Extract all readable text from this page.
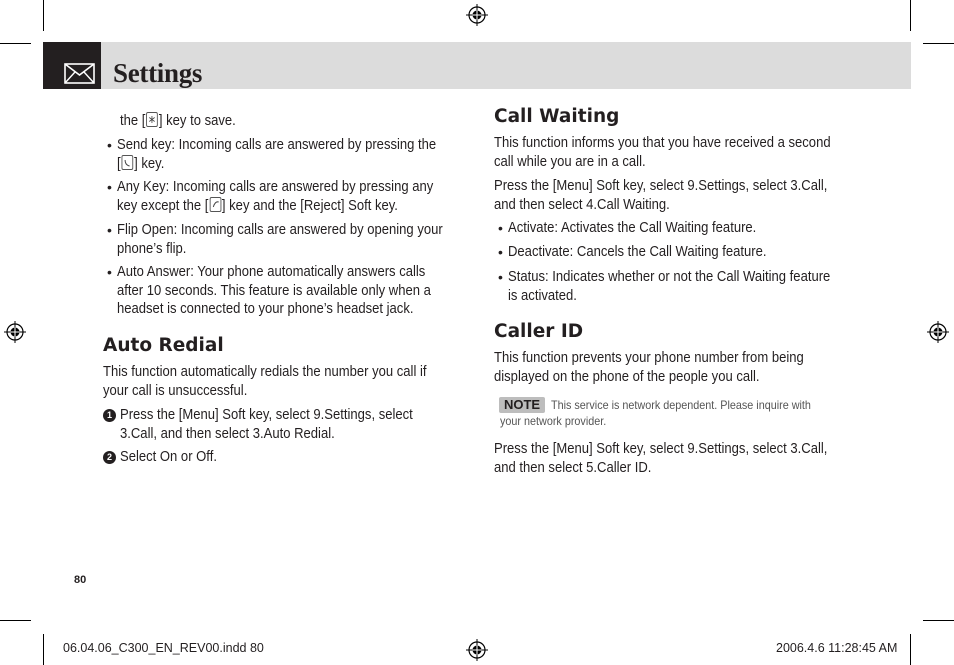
Settings
the [ ] key to save.
• Send key: Incoming calls are answered by pressing the
[ ] key.
• Any Key: Incoming calls are answered by pressing any
key except the [ ] key and the [Reject] Soft key.
• Flip Open: Incoming calls are answered by opening your
phone’s flip.
• Auto Answer: Your phone automatically answers calls
after 10 seconds. This feature is available only when a
headset is connected to your phone’s headset jack.
Auto Redial
This function automatically redials the number you call if
your call is unsuccessful.
1 Press the [Menu] Soft key, select 9.Settings, select
3.Call, and then select 3.Auto Redial.
2 Select On or Off.
Call Waiting
This function informs you that you have received a second
call while you are in a call.
Press the [Menu] Soft key, select 9.Settings, select 3.Call,
and then select 4.Call Waiting.
• Activate: Activates the Call Waiting feature.
• Deactivate: Cancels the Call Waiting feature.
• Status: Indicates whether or not the Call Waiting feature
is activated.
Caller ID
This function prevents your phone number from being
displayed on the phone of the people you call.
NOTE This service is network dependent. Please inquire with
your network provider.
Press the [Menu] Soft key, select 9.Settings, select 3.Call,
and then select 5.Caller ID.
80
06.04.06_C300_EN_REV00.indd 80	2006.4.6 11:28:45 AM
